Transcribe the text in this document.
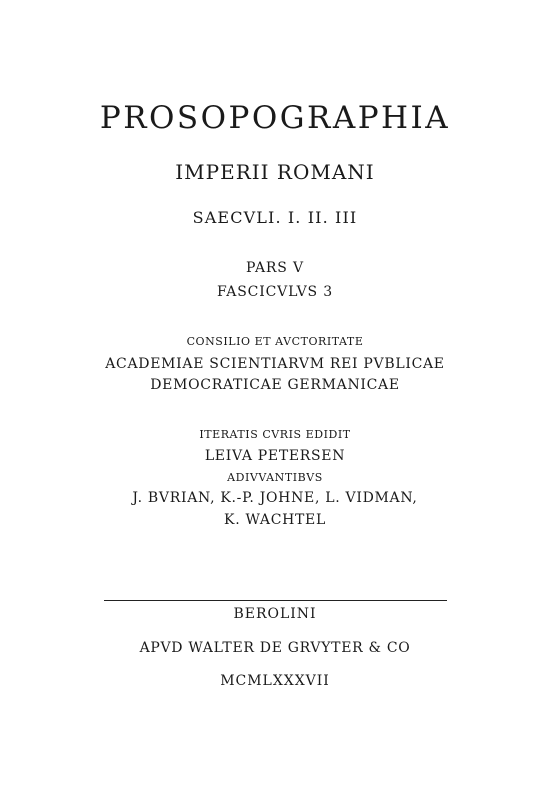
PROSOPOGRAPHIA
IMPERII ROMANI
SAECVLI. I. II. III
PARS V
FASCICVLVS 3
CONSILIO ET AVCTORITATE
ACADEMIAE SCIENTIARVM REI PVBLICAE
DEMOCRATICAE GERMANICAE
ITERATIS CVRIS EDIDIT
LEIVA PETERSEN
ADIVVANTIBVS
J. BVRIAN, K.-P. JOHNE, L. VIDMAN,
K. WACHTEL
BEROLINI
APVD WALTER DE GRVYTER & CO
MCMLXXXVII
